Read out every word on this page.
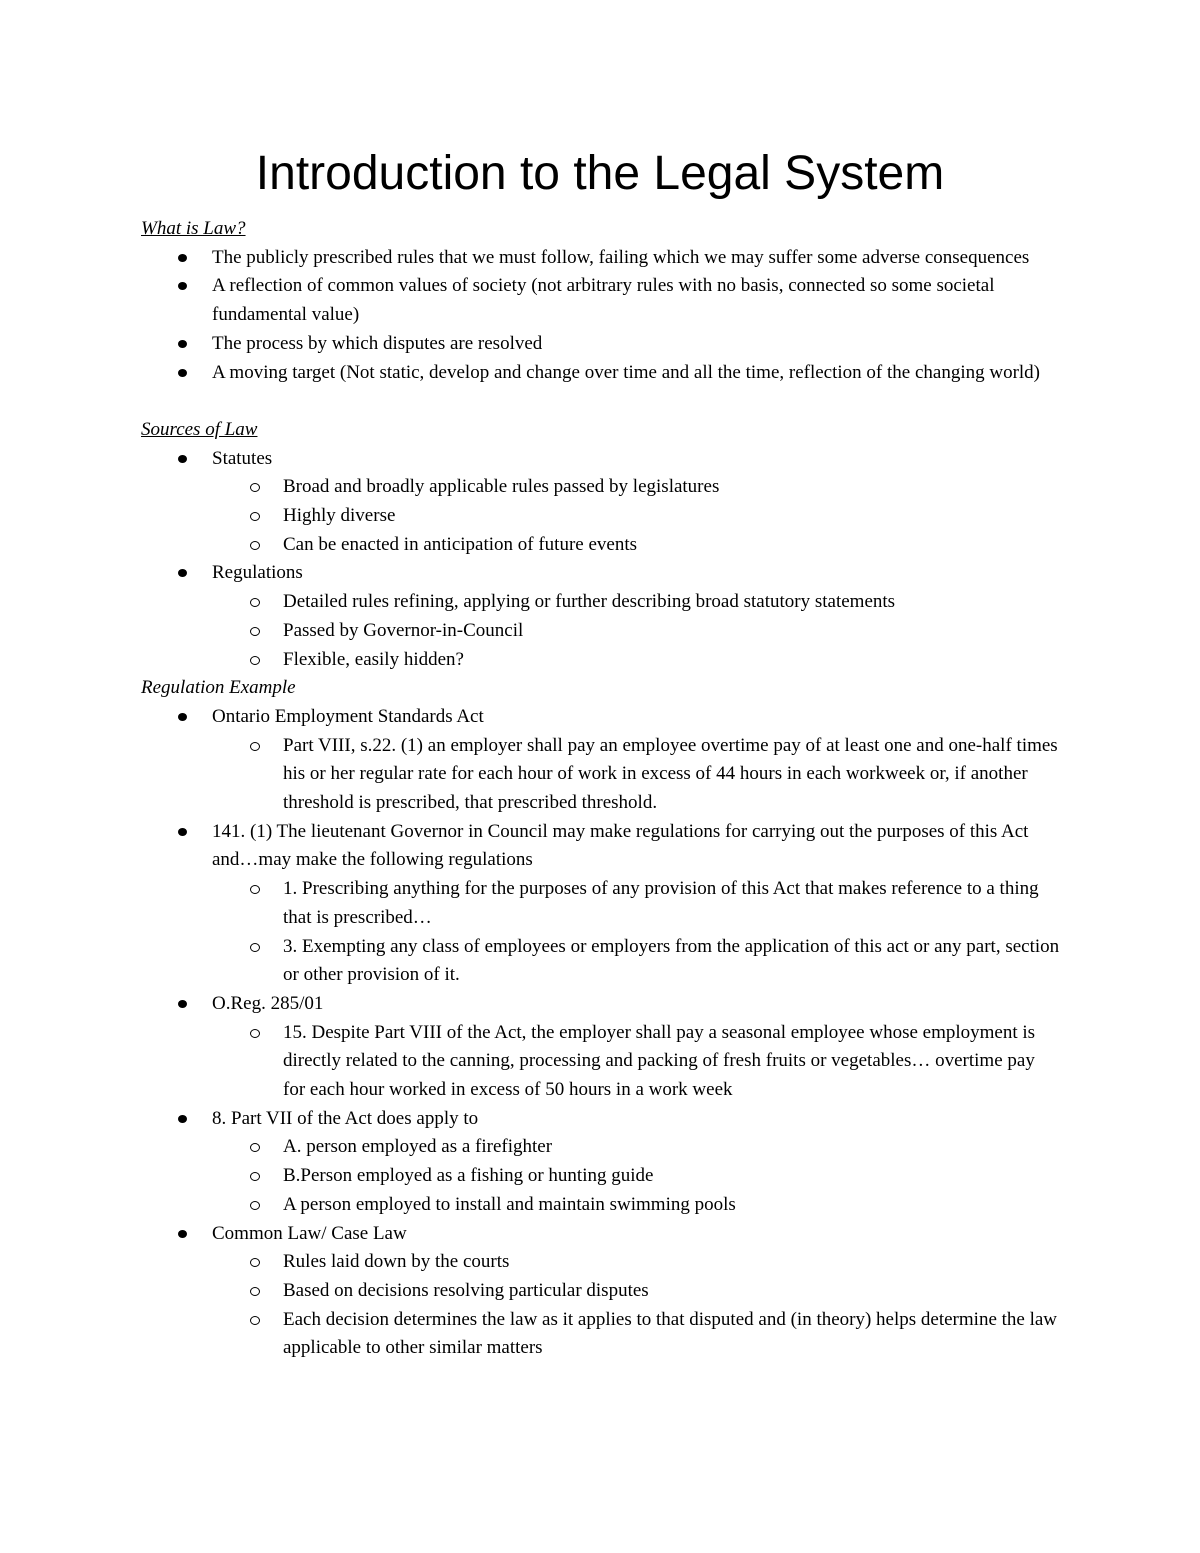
Introduction to the Legal System
What is Law?
The publicly prescribed rules that we must follow, failing which we may suffer some adverse consequences
A reflection of common values of society (not arbitrary rules with no basis, connected so some societal fundamental value)
The process by which disputes are resolved
A moving target (Not static, develop and change over time and all the time, reflection of the changing world)
Sources of Law
Statutes
Broad and broadly applicable rules passed by legislatures
Highly diverse
Can be enacted in anticipation of future events
Regulations
Detailed rules refining, applying or further describing broad statutory statements
Passed by Governor-in-Council
Flexible, easily hidden?
Regulation Example
Ontario Employment Standards Act
Part VIII, s.22. (1) an employer shall pay an employee overtime pay of at least one and one-half times his or her regular rate for each hour of work in excess of 44 hours in each workweek or, if another threshold is prescribed, that prescribed threshold.
141. (1) The lieutenant Governor in Council may make regulations for carrying out the purposes of this Act and…may make the following regulations
1. Prescribing anything for the purposes of any provision of this Act that makes reference to a thing that is prescribed…
3. Exempting any class of employees or employers from the application of this act or any part, section or other provision of it.
O.Reg. 285/01
15. Despite Part VIII of the Act, the employer shall pay a seasonal employee whose employment is directly related to the canning, processing and packing of fresh fruits or vegetables… overtime pay for each hour worked in excess of 50 hours in a work week
8. Part VII of the Act does apply to
A. person employed as a firefighter
B.Person employed as a fishing or hunting guide
A person employed to install and maintain swimming pools
Common Law/ Case Law
Rules laid down by the courts
Based on decisions resolving particular disputes
Each decision determines the law as it applies to that disputed and (in theory) helps determine the law applicable to other similar matters
